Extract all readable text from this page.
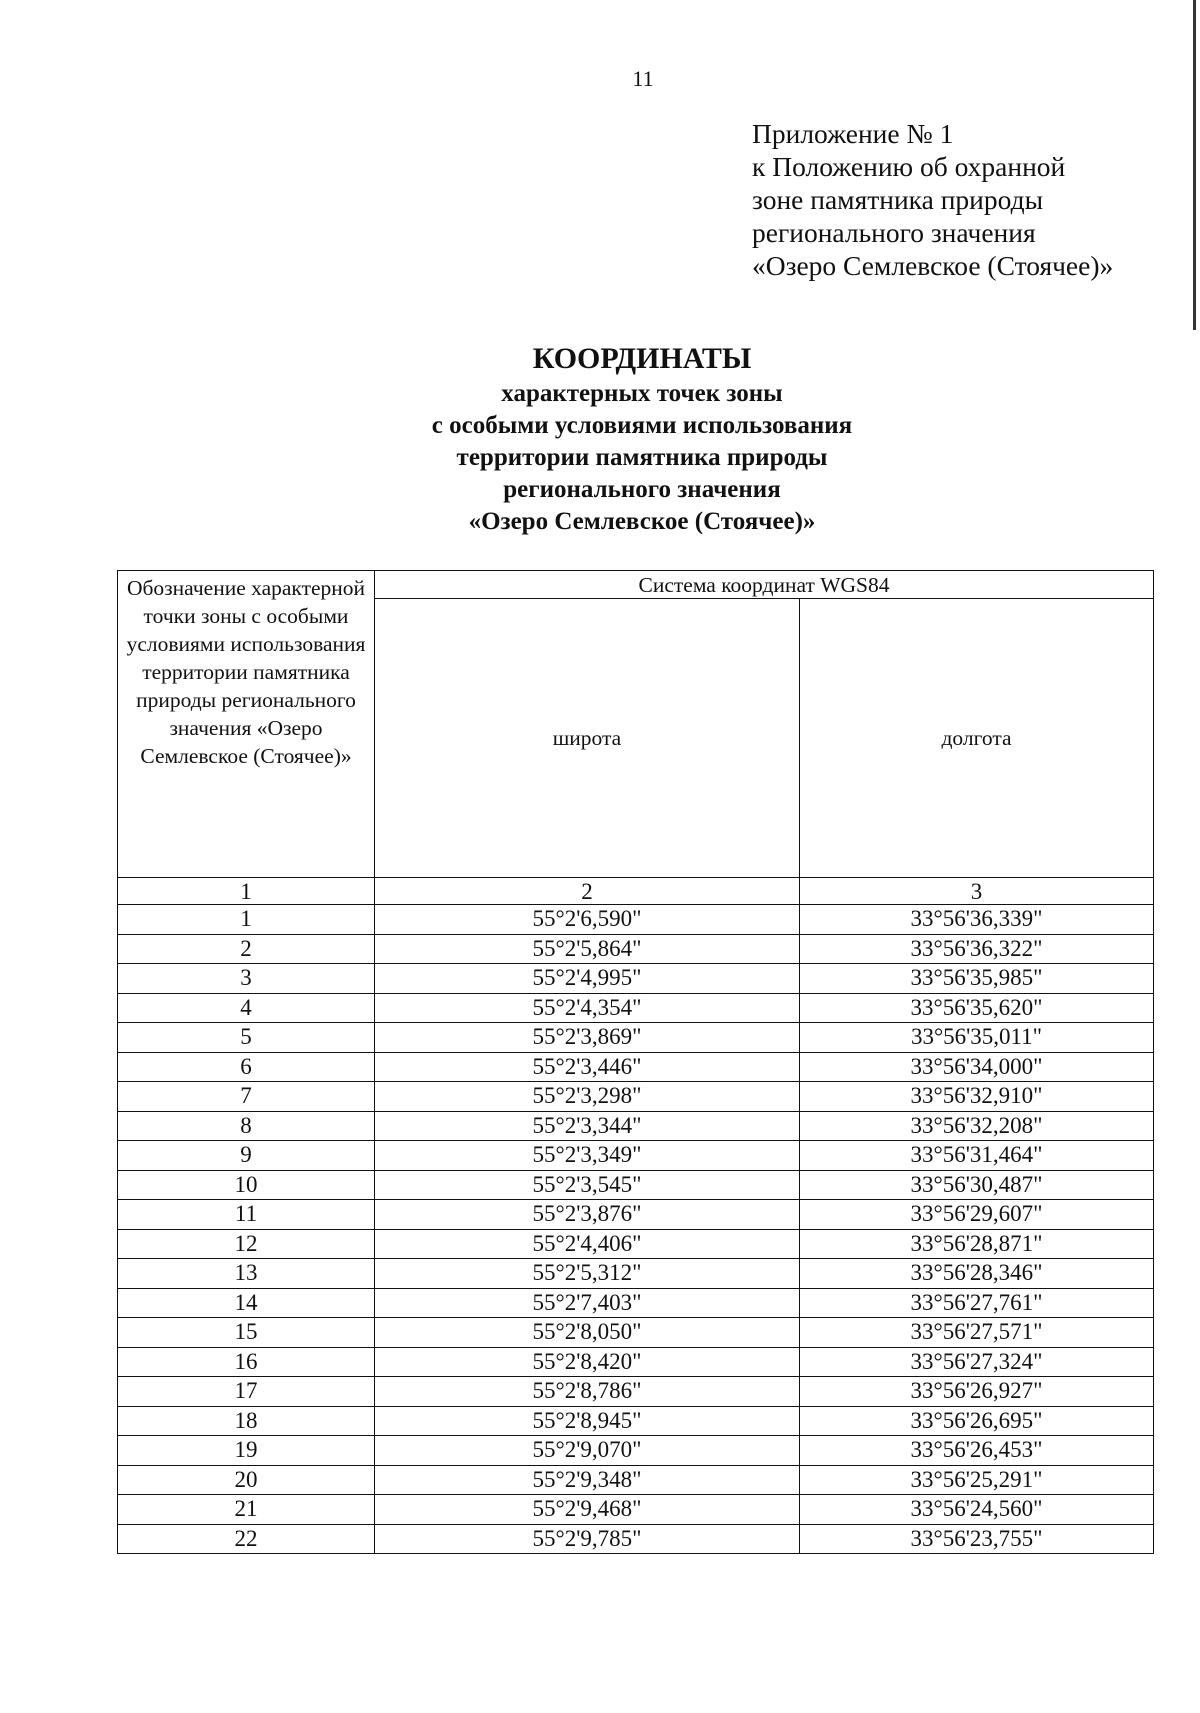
11
Приложение № 1
к Положению об охранной
зоне памятника природы
регионального значения
«Озеро Семлевское (Стоячее)»
КООРДИНАТЫ
характерных точек зоны
с особыми условиями использования
территории памятника природы
регионального значения
«Озеро Семлевское (Стоячее)»
Обозначение характерной точки зоны с особыми условиями использования территории памятника природы регионального значения «Озеро Семлевское (Стоячее)»	Система координат WGS84	
	широта	долгота
1	2	3
1	55°2'6,590"	33°56'36,339"
2	55°2'5,864"	33°56'36,322"
3	55°2'4,995"	33°56'35,985"
4	55°2'4,354"	33°56'35,620"
5	55°2'3,869"	33°56'35,011"
6	55°2'3,446"	33°56'34,000"
7	55°2'3,298"	33°56'32,910"
8	55°2'3,344"	33°56'32,208"
9	55°2'3,349"	33°56'31,464"
10	55°2'3,545"	33°56'30,487"
11	55°2'3,876"	33°56'29,607"
12	55°2'4,406"	33°56'28,871"
13	55°2'5,312"	33°56'28,346"
14	55°2'7,403"	33°56'27,761"
15	55°2'8,050"	33°56'27,571"
16	55°2'8,420"	33°56'27,324"
17	55°2'8,786"	33°56'26,927"
18	55°2'8,945"	33°56'26,695"
19	55°2'9,070"	33°56'26,453"
20	55°2'9,348"	33°56'25,291"
21	55°2'9,468"	33°56'24,560"
22	55°2'9,785"	33°56'23,755"
